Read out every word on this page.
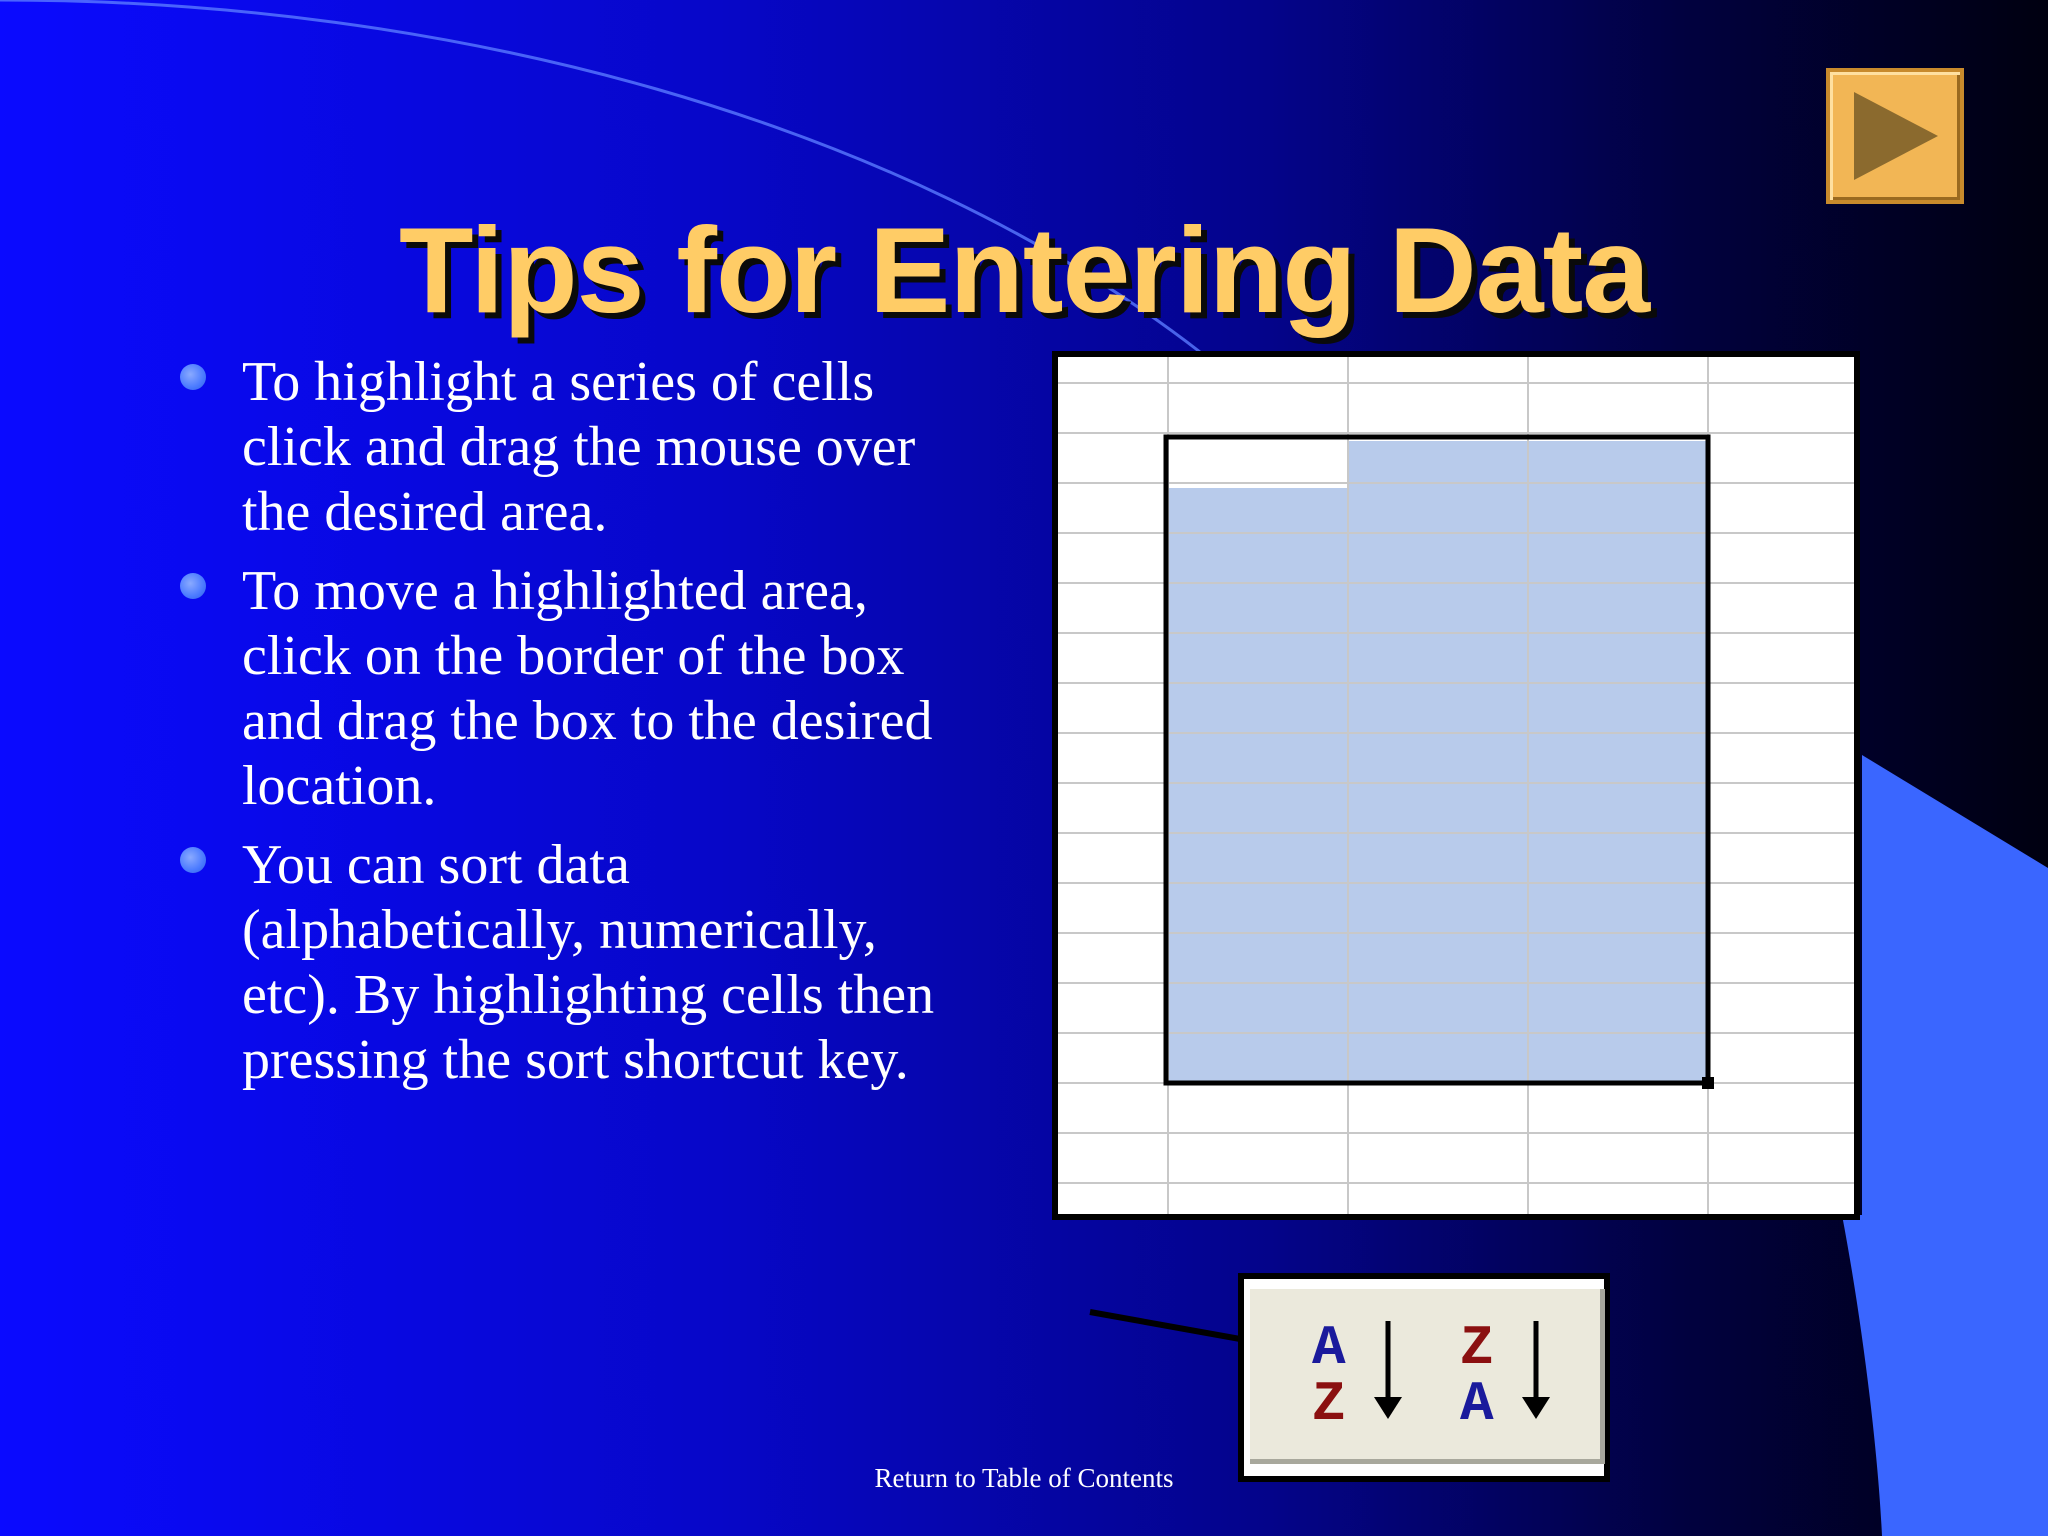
Tips for Entering Data
To highlight a series of cells click and drag the mouse over the desired area.
To move a highlighted area, click on the border of the box and drag the box to the desired location.
You can sort data (alphabetically, numerically, etc). By highlighting cells then pressing the sort shortcut key.
A
Z
Z
A
Return to Table of Contents
